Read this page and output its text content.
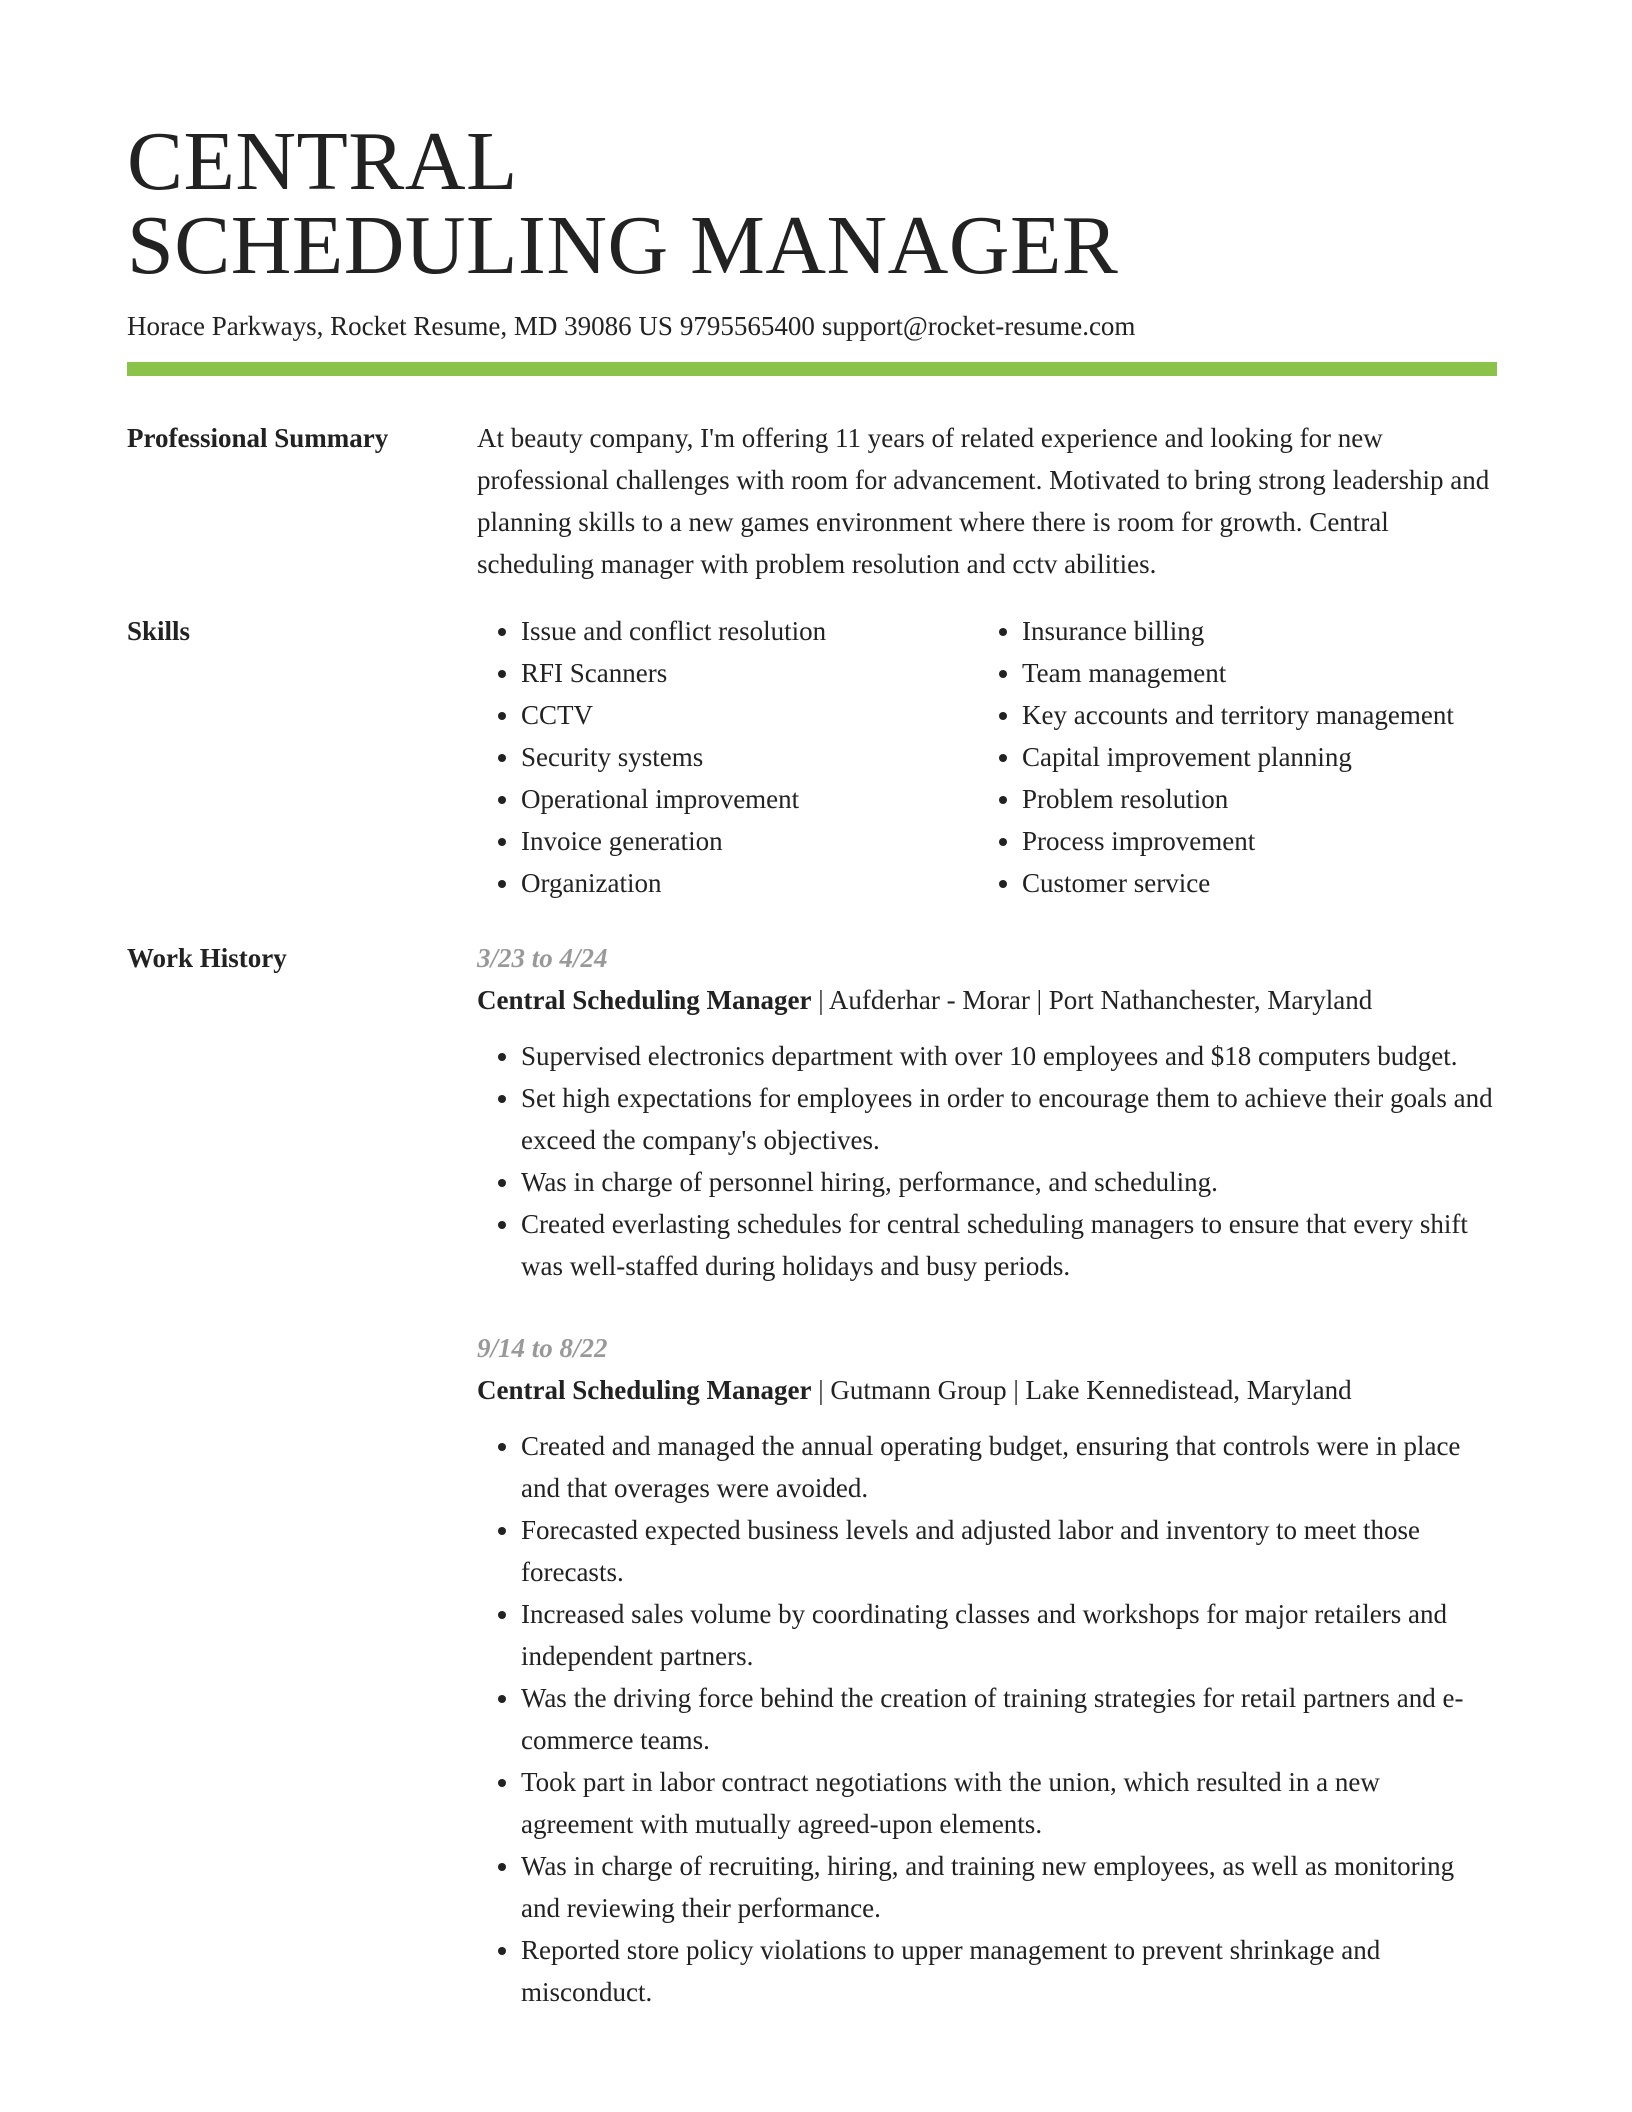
CENTRAL
SCHEDULING MANAGER
Horace Parkways, Rocket Resume, MD 39086 US 9795565400 support@rocket-resume.com
Professional Summary	At beauty company, I'm offering 11 years of related experience and looking for new professional challenges with room for advancement. Motivated to bring strong leadership and planning skills to a new games environment where there is room for growth. Central scheduling manager with problem resolution and cctv abilities.

Skills
•	Issue and conflict resolution
• RFI Scanners
• CCTV
• Security systems
• Operational improvement
• Invoice generation
• Organization
• Insurance billing
• Team management
• Key accounts and territory management
• Capital improvement planning
• Problem resolution
• Process improvement
• Customer service
Work History	3/23 to 4/24
Central Scheduling Manager | Aufderhar - Morar | Port Nathanchester, Maryland
• Supervised electronics department with over 10 employees and $18 computers budget.
• Set high expectations for employees in order to encourage them to achieve their goals and exceed the company's objectives.
• Was in charge of personnel hiring, performance, and scheduling.
• Created everlasting schedules for central scheduling managers to ensure that every shift was well-staffed during holidays and busy periods.
9/14 to 8/22
Central Scheduling Manager | Gutmann Group | Lake Kennedistead, Maryland
• Created and managed the annual operating budget, ensuring that controls were in place and that overages were avoided.
• Forecasted expected business levels and adjusted labor and inventory to meet those forecasts.
• Increased sales volume by coordinating classes and workshops for major retailers and independent partners.
• Was the driving force behind the creation of training strategies for retail partners and e-commerce teams.
• Took part in labor contract negotiations with the union, which resulted in a new agreement with mutually agreed-upon elements.
• Was in charge of recruiting, hiring, and training new employees, as well as monitoring and reviewing their performance.
• Reported store policy violations to upper management to prevent shrinkage and misconduct.
